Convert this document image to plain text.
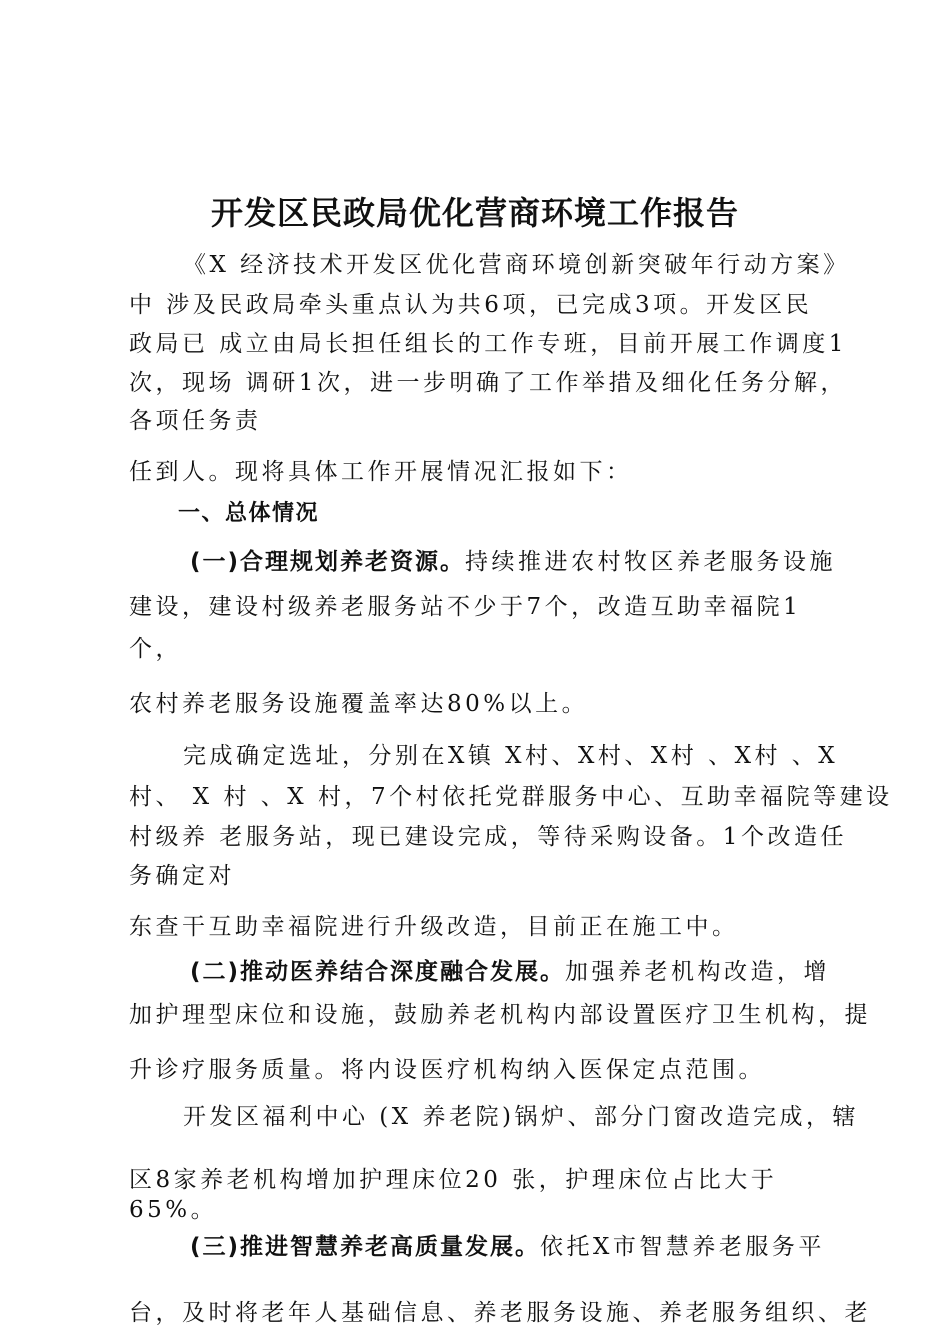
开发区民政局优化营商环境工作报告

《X 经济技术开发区优化营商环境创新突破年行动方案》

中 涉及民政局牵头重点认为共6项，已完成3项。开发区民

政局已 成立由局长担任组长的工作专班，目前开展工作调度1

次，现场 调研1次，进一步明确了工作举措及细化任务分解，

各项任务责

任到人。现将具体工作开展情况汇报如下：

一、总体情况

(一)合理规划养老资源。持续推进农村牧区养老服务设施

建设，建设村级养老服务站不少于7个，改造互助幸福院1

个，

农村养老服务设施覆盖率达80%以上。

完成确定选址，分别在X镇 X村、X村、X村 、X村 、X

村、 X 村 、X 村，7个村依托党群服务中心、互助幸福院等建设

村级养 老服务站，现已建设完成，等待采购设备。1个改造任

务确定对

东查干互助幸福院进行升级改造，目前正在施工中。

(二)推动医养结合深度融合发展。加强养老机构改造，增

加护理型床位和设施，鼓励养老机构内部设置医疗卫生机构，提

升诊疗服务质量。将内设医疗机构纳入医保定点范围。

开发区福利中心 (X 养老院)锅炉、部分门窗改造完成，辖

区8家养老机构增加护理床位20 张，护理床位占比大于

65%。

(三)推进智慧养老高质量发展。依托X市智慧养老服务平

台，及时将老年人基础信息、养老服务设施、养老服务组织、老
